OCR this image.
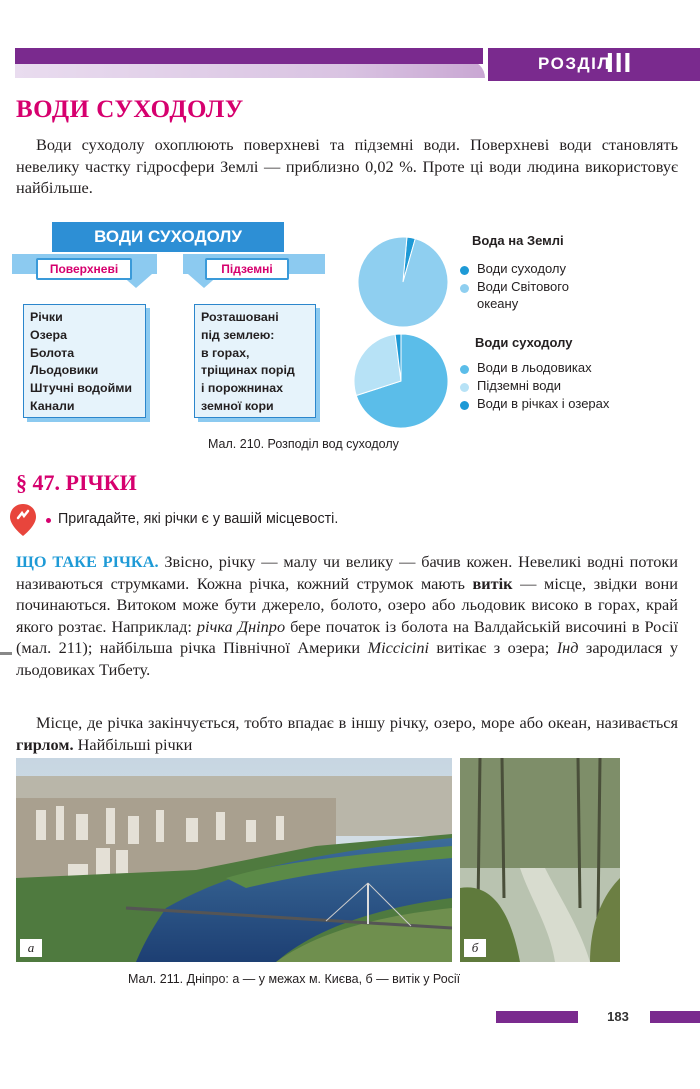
РОЗДІЛ
III
ВОДИ СУХОДОЛУ

Води суходолу охоплюють поверхневі та підземні води. Поверхневі води становлять невелику частку гідросфери Землі — приблизно 0,02 %. Проте ці води людина використовує найбільше.

ВОДИ СУХОДОЛУ
Поверхневі	Підземні
Річки
Озера
Болота
Льодовики
Штучні водойми
Канали
Розташовані
під землею:
в горах,
тріщинах порід
і порожнинах
земної кори
Вода на Землі
Води суходолу
Води Світового
океану
Води суходолу
Води в льодовиках
Підземні води
Води в річках і озерах
Мал. 210. Розподіл вод суходолу
§ 47. РІЧКИ
Пригадайте, які річки є у вашій місцевості.

ЩО ТАКЕ РІЧКА. Звісно, річку — малу чи велику — бачив кожен. Невеликі водні потоки називаються струмками. Кожна річка, кожний струмок мають витік — місце, звідки вони починаються. Витоком може бути джерело, болото, озеро або льодовик високо в горах, край якого розтає. Наприклад: річка Дніпро бере початок із болота на Валдайській височині в Росії (мал. 211); найбільша річка Північної Америки Міссісіпі витікає з озера; Інд зародилася у льодовиках Тибету.

Місце, де річка закінчується, тобто впадає в іншу річку, озеро, море або океан, називається гирлом. Найбільші річки

а	б
Мал. 211. Дніпро: а — у межах м. Києва, б — витік у Росії
183
